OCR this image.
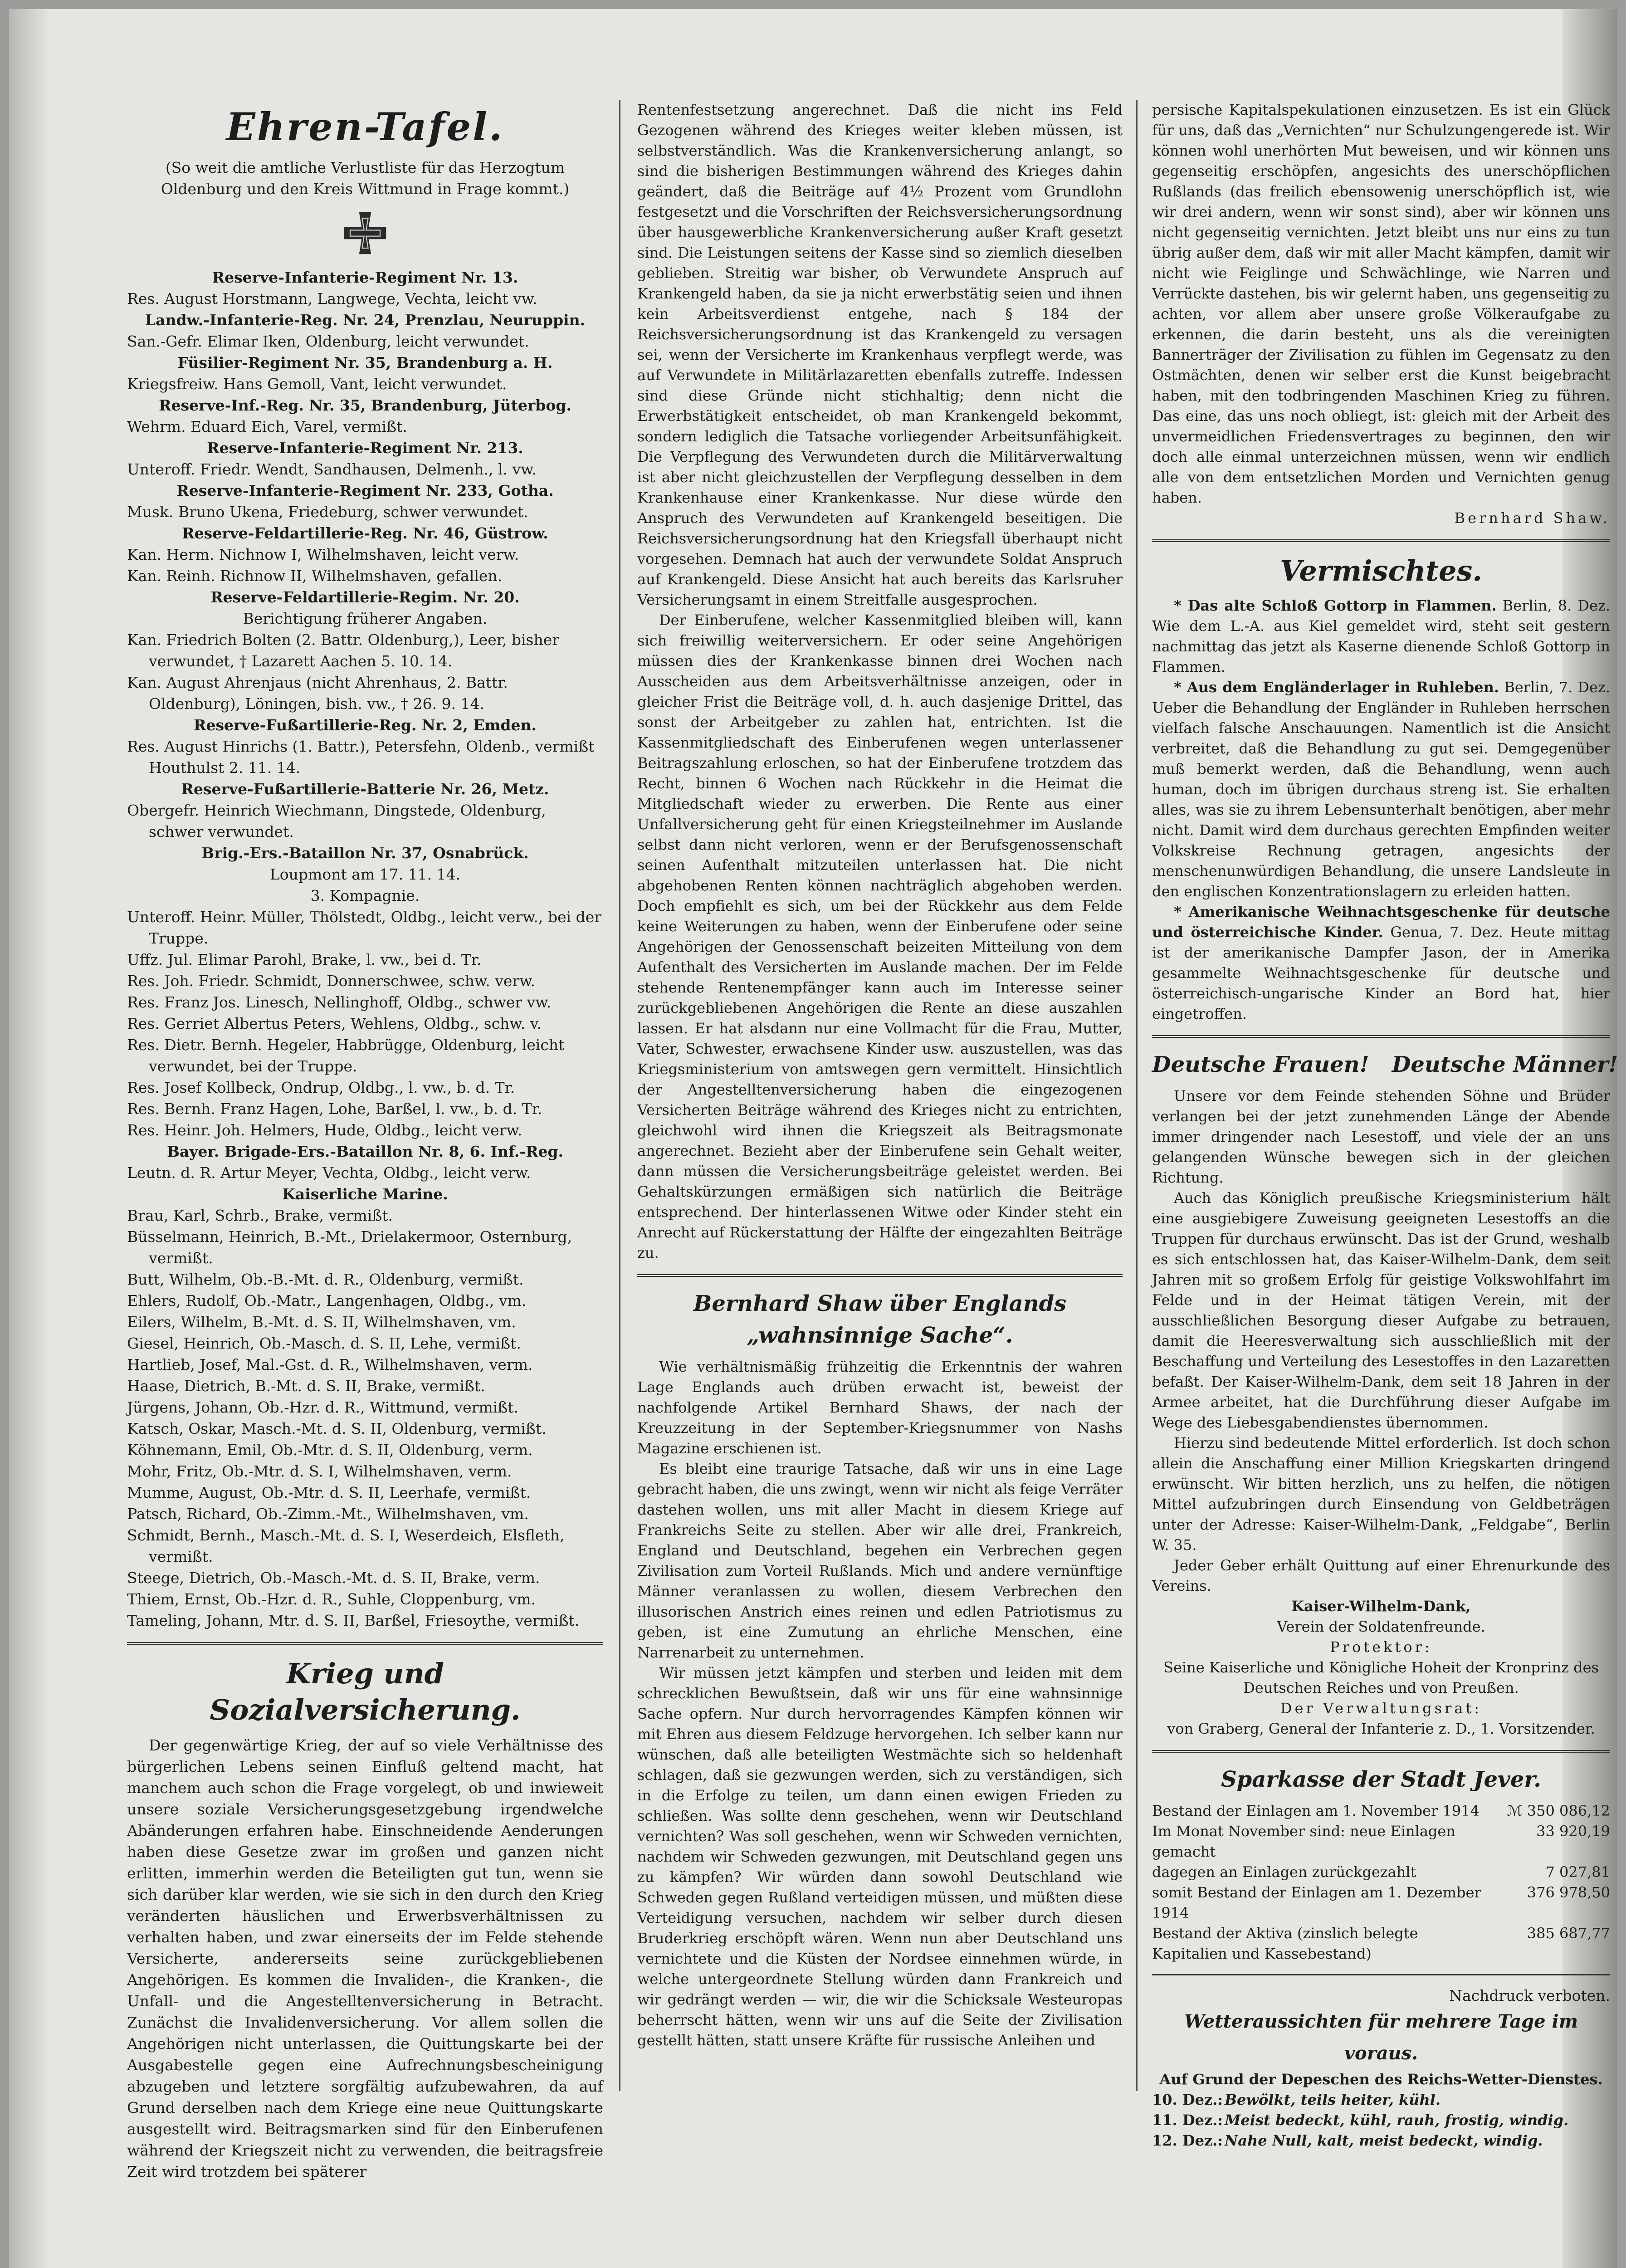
Ehren-Tafel.

(So weit die amtliche Verlustliste für das Herzogtum Oldenburg und den Kreis Wittmund in Frage kommt.)

Reserve-Infanterie-Regiment Nr. 13.

Res. August Horstmann, Langwege, Vechta, leicht vw.

Landw.-Infanterie-Reg. Nr. 24, Prenzlau, Neuruppin.

San.-Gefr. Elimar Iken, Oldenburg, leicht verwundet.

Füsilier-Regiment Nr. 35, Brandenburg a. H.

Kriegsfreiw. Hans Gemoll, Vant, leicht verwundet.

Reserve-Inf.-Reg. Nr. 35, Brandenburg, Jüterbog.

Wehrm. Eduard Eich, Varel, vermißt.

Reserve-Infanterie-Regiment Nr. 213.

Unteroff. Friedr. Wendt, Sandhausen, Delmenh., l. vw.

Reserve-Infanterie-Regiment Nr. 233, Gotha.

Musk. Bruno Ukena, Friedeburg, schwer verwundet.

Reserve-Feldartillerie-Reg. Nr. 46, Güstrow.

Kan. Herm. Nichnow I, Wilhelmshaven, leicht verw.

Kan. Reinh. Richnow II, Wilhelmshaven, gefallen.

Reserve-Feldartillerie-Regim. Nr. 20.

Berichtigung früherer Angaben.

Kan. Friedrich Bolten (2. Battr. Oldenburg,), Leer, bisher verwundet, † Lazarett Aachen 5. 10. 14.

Kan. August Ahrenjaus (nicht Ahrenhaus, 2. Battr. Oldenburg), Löningen, bish. vw., † 26. 9. 14.

Reserve-Fußartillerie-Reg. Nr. 2, Emden.

Res. August Hinrichs (1. Battr.), Petersfehn, Oldenb., vermißt Houthulst 2. 11. 14.

Reserve-Fußartillerie-Batterie Nr. 26, Metz.

Obergefr. Heinrich Wiechmann, Dingstede, Oldenburg, schwer verwundet.

Brig.-Ers.-Bataillon Nr. 37, Osnabrück.

Loupmont am 17. 11. 14.

3. Kompagnie.

Unteroff. Heinr. Müller, Thölstedt, Oldbg., leicht verw., bei der Truppe.

Uffz. Jul. Elimar Parohl, Brake, l. vw., bei d. Tr.

Res. Joh. Friedr. Schmidt, Donnerschwee, schw. verw.

Res. Franz Jos. Linesch, Nellinghoff, Oldbg., schwer vw.

Res. Gerriet Albertus Peters, Wehlens, Oldbg., schw. v.

Res. Dietr. Bernh. Hegeler, Habbrügge, Oldenburg, leicht verwundet, bei der Truppe.

Res. Josef Kollbeck, Ondrup, Oldbg., l. vw., b. d. Tr.

Res. Bernh. Franz Hagen, Lohe, Barßel, l. vw., b. d. Tr.

Res. Heinr. Joh. Helmers, Hude, Oldbg., leicht verw.

Bayer. Brigade-Ers.-Bataillon Nr. 8, 6. Inf.-Reg.

Leutn. d. R. Artur Meyer, Vechta, Oldbg., leicht verw.

Kaiserliche Marine.

Brau, Karl, Schrb., Brake, vermißt.

Büsselmann, Heinrich, B.-Mt., Drielakermoor, Osternburg, vermißt.

Butt, Wilhelm, Ob.-B.-Mt. d. R., Oldenburg, vermißt.

Ehlers, Rudolf, Ob.-Matr., Langenhagen, Oldbg., vm.

Eilers, Wilhelm, B.-Mt. d. S. II, Wilhelmshaven, vm.

Giesel, Heinrich, Ob.-Masch. d. S. II, Lehe, vermißt.

Hartlieb, Josef, Mal.-Gst. d. R., Wilhelmshaven, verm.

Haase, Dietrich, B.-Mt. d. S. II, Brake, vermißt.

Jürgens, Johann, Ob.-Hzr. d. R., Wittmund, vermißt.

Katsch, Oskar, Masch.-Mt. d. S. II, Oldenburg, vermißt.

Köhnemann, Emil, Ob.-Mtr. d. S. II, Oldenburg, verm.

Mohr, Fritz, Ob.-Mtr. d. S. I, Wilhelmshaven, verm.

Mumme, August, Ob.-Mtr. d. S. II, Leerhafe, vermißt.

Patsch, Richard, Ob.-Zimm.-Mt., Wilhelmshaven, vm.

Schmidt, Bernh., Masch.-Mt. d. S. I, Weserdeich, Elsfleth, vermißt.

Steege, Dietrich, Ob.-Masch.-Mt. d. S. II, Brake, verm.

Thiem, Ernst, Ob.-Hzr. d. R., Suhle, Cloppenburg, vm.

Tameling, Johann, Mtr. d. S. II, Barßel, Friesoythe, vermißt.

Krieg und Sozialversicherung.

Der gegenwärtige Krieg, der auf so viele Verhältnisse des bürgerlichen Lebens seinen Einfluß geltend macht, hat manchem auch schon die Frage vorgelegt, ob und inwieweit unsere soziale Versicherungsgesetzgebung irgendwelche Abänderungen erfahren habe. Einschneidende Aenderungen haben diese Gesetze zwar im großen und ganzen nicht erlitten, immerhin werden die Beteiligten gut tun, wenn sie sich darüber klar werden, wie sie sich in den durch den Krieg veränderten häuslichen und Erwerbsverhältnissen zu verhalten haben, und zwar einerseits der im Felde stehende Versicherte, andererseits seine zurückgebliebenen Angehörigen. Es kommen die Invaliden-, die Kranken-, die Unfall- und die Angestelltenversicherung in Betracht. Zunächst die Invalidenversicherung. Vor allem sollen die Angehörigen nicht unterlassen, die Quittungskarte bei der Ausgabestelle gegen eine Aufrechnungsbescheinigung abzugeben und letztere sorgfältig aufzubewahren, da auf Grund derselben nach dem Kriege eine neue Quittungskarte ausgestellt wird. Beitragsmarken sind für den Einberufenen während der Kriegszeit nicht zu verwenden, die beitragsfreie Zeit wird trotzdem bei späterer

Rentenfestsetzung angerechnet. Daß die nicht ins Feld Gezogenen während des Krieges weiter kleben müssen, ist selbstverständlich. Was die Krankenversicherung anlangt, so sind die bisherigen Bestimmungen während des Krieges dahin geändert, daß die Beiträge auf 4½ Prozent vom Grundlohn festgesetzt und die Vorschriften der Reichsversicherungsordnung über hausgewerbliche Krankenversicherung außer Kraft gesetzt sind. Die Leistungen seitens der Kasse sind so ziemlich dieselben geblieben. Streitig war bisher, ob Verwundete Anspruch auf Krankengeld haben, da sie ja nicht erwerbstätig seien und ihnen kein Arbeitsverdienst entgehe, nach § 184 der Reichsversicherungsordnung ist das Krankengeld zu versagen sei, wenn der Versicherte im Krankenhaus verpflegt werde, was auf Verwundete in Militärlazaretten ebenfalls zutreffe. Indessen sind diese Gründe nicht stichhaltig; denn nicht die Erwerbstätigkeit entscheidet, ob man Krankengeld bekommt, sondern lediglich die Tatsache vorliegender Arbeitsunfähigkeit. Die Verpflegung des Verwundeten durch die Militärverwaltung ist aber nicht gleichzustellen der Verpflegung desselben in dem Krankenhause einer Krankenkasse. Nur diese würde den Anspruch des Verwundeten auf Krankengeld beseitigen. Die Reichsversicherungsordnung hat den Kriegsfall überhaupt nicht vorgesehen. Demnach hat auch der verwundete Soldat Anspruch auf Krankengeld. Diese Ansicht hat auch bereits das Karlsruher Versicherungsamt in einem Streitfalle ausgesprochen.

Der Einberufene, welcher Kassenmitglied bleiben will, kann sich freiwillig weiterversichern. Er oder seine Angehörigen müssen dies der Krankenkasse binnen drei Wochen nach Ausscheiden aus dem Arbeitsverhältnisse anzeigen, oder in gleicher Frist die Beiträge voll, d. h. auch dasjenige Drittel, das sonst der Arbeitgeber zu zahlen hat, entrichten. Ist die Kassenmitgliedschaft des Einberufenen wegen unterlassener Beitragszahlung erloschen, so hat der Einberufene trotzdem das Recht, binnen 6 Wochen nach Rückkehr in die Heimat die Mitgliedschaft wieder zu erwerben. Die Rente aus einer Unfallversicherung geht für einen Kriegsteilnehmer im Auslande selbst dann nicht verloren, wenn er der Berufsgenossenschaft seinen Aufenthalt mitzuteilen unterlassen hat. Die nicht abgehobenen Renten können nachträglich abgehoben werden. Doch empfiehlt es sich, um bei der Rückkehr aus dem Felde keine Weiterungen zu haben, wenn der Einberufene oder seine Angehörigen der Genossenschaft beizeiten Mitteilung von dem Aufenthalt des Versicherten im Auslande machen. Der im Felde stehende Rentenempfänger kann auch im Interesse seiner zurückgebliebenen Angehörigen die Rente an diese auszahlen lassen. Er hat alsdann nur eine Vollmacht für die Frau, Mutter, Vater, Schwester, erwachsene Kinder usw. auszustellen, was das Kriegsministerium von amtswegen gern vermittelt. Hinsichtlich der Angestelltenversicherung haben die eingezogenen Versicherten Beiträge während des Krieges nicht zu entrichten, gleichwohl wird ihnen die Kriegszeit als Beitragsmonate angerechnet. Bezieht aber der Einberufene sein Gehalt weiter, dann müssen die Versicherungsbeiträge geleistet werden. Bei Gehaltskürzungen ermäßigen sich natürlich die Beiträge entsprechend. Der hinterlassenen Witwe oder Kinder steht ein Anrecht auf Rückerstattung der Hälfte der eingezahlten Beiträge zu.

Bernhard Shaw über Englands „wahnsinnige Sache“.

Wie verhältnismäßig frühzeitig die Erkenntnis der wahren Lage Englands auch drüben erwacht ist, beweist der nachfolgende Artikel Bernhard Shaws, der nach der Kreuzzeitung in der September-Kriegsnummer von Nashs Magazine erschienen ist.

Es bleibt eine traurige Tatsache, daß wir uns in eine Lage gebracht haben, die uns zwingt, wenn wir nicht als feige Verräter dastehen wollen, uns mit aller Macht in diesem Kriege auf Frankreichs Seite zu stellen. Aber wir alle drei, Frankreich, England und Deutschland, begehen ein Verbrechen gegen Zivilisation zum Vorteil Rußlands. Mich und andere vernünftige Männer veranlassen zu wollen, diesem Verbrechen den illusorischen Anstrich eines reinen und edlen Patriotismus zu geben, ist eine Zumutung an ehrliche Menschen, eine Narrenarbeit zu unternehmen.

Wir müssen jetzt kämpfen und sterben und leiden mit dem schrecklichen Bewußtsein, daß wir uns für eine wahnsinnige Sache opfern. Nur durch hervorragendes Kämpfen können wir mit Ehren aus diesem Feldzuge hervorgehen. Ich selber kann nur wünschen, daß alle beteiligten Westmächte sich so heldenhaft schlagen, daß sie gezwungen werden, sich zu verständigen, sich in die Erfolge zu teilen, um dann einen ewigen Frieden zu schließen. Was sollte denn geschehen, wenn wir Deutschland vernichten? Was soll geschehen, wenn wir Schweden vernichten, nachdem wir Schweden gezwungen, mit Deutschland gegen uns zu kämpfen? Wir würden dann sowohl Deutschland wie Schweden gegen Rußland verteidigen müssen, und müßten diese Verteidigung versuchen, nachdem wir selber durch diesen Bruderkrieg erschöpft wären. Wenn nun aber Deutschland uns vernichtete und die Küsten der Nordsee einnehmen würde, in welche untergeordnete Stellung würden dann Frankreich und wir gedrängt werden — wir, die wir die Schicksale Westeuropas beherrscht hätten, wenn wir uns auf die Seite der Zivilisation gestellt hätten, statt unsere Kräfte für russische Anleihen und

persische Kapitalspekulationen einzusetzen. Es ist ein Glück für uns, daß das „Vernichten“ nur Schulzungengerede ist. Wir können wohl unerhörten Mut beweisen, und wir können uns gegenseitig erschöpfen, angesichts des unerschöpflichen Rußlands (das freilich ebensowenig unerschöpflich ist, wie wir drei andern, wenn wir sonst sind), aber wir können uns nicht gegenseitig vernichten. Jetzt bleibt uns nur eins zu tun übrig außer dem, daß wir mit aller Macht kämpfen, damit wir nicht wie Feiglinge und Schwächlinge, wie Narren und Verrückte dastehen, bis wir gelernt haben, uns gegenseitig zu achten, vor allem aber unsere große Völkeraufgabe zu erkennen, die darin besteht, uns als die vereinigten Bannerträger der Zivilisation zu fühlen im Gegensatz zu den Ostmächten, denen wir selber erst die Kunst beigebracht haben, mit den todbringenden Maschinen Krieg zu führen. Das eine, das uns noch obliegt, ist: gleich mit der Arbeit des unvermeidlichen Friedensvertrages zu beginnen, den wir doch alle einmal unterzeichnen müssen, wenn wir endlich alle von dem entsetzlichen Morden und Vernichten genug haben.

Bernhard Shaw.

Vermischtes.

* Das alte Schloß Gottorp in Flammen. Berlin, 8. Dez. Wie dem L.-A. aus Kiel gemeldet wird, steht seit gestern nachmittag das jetzt als Kaserne dienende Schloß Gottorp in Flammen.

* Aus dem Engländerlager in Ruhleben. Berlin, 7. Dez. Ueber die Behandlung der Engländer in Ruhleben herrschen vielfach falsche Anschauungen. Namentlich ist die Ansicht verbreitet, daß die Behandlung zu gut sei. Demgegenüber muß bemerkt werden, daß die Behandlung, wenn auch human, doch im übrigen durchaus streng ist. Sie erhalten alles, was sie zu ihrem Lebensunterhalt benötigen, aber mehr nicht. Damit wird dem durchaus gerechten Empfinden weiter Volkskreise Rechnung getragen, angesichts der menschenunwürdigen Behandlung, die unsere Landsleute in den englischen Konzentrationslagern zu erleiden hatten.

* Amerikanische Weihnachtsgeschenke für deutsche und österreichische Kinder. Genua, 7. Dez. Heute mittag ist der amerikanische Dampfer Jason, der in Amerika gesammelte Weihnachtsgeschenke für deutsche und österreichisch-ungarische Kinder an Bord hat, hier eingetroffen.

Deutsche Frauen!   Deutsche Männer!

Unsere vor dem Feinde stehenden Söhne und Brüder verlangen bei der jetzt zunehmenden Länge der Abende immer dringender nach Lesestoff, und viele der an uns gelangenden Wünsche bewegen sich in der gleichen Richtung.

Auch das Königlich preußische Kriegsministerium hält eine ausgiebigere Zuweisung geeigneten Lesestoffs an die Truppen für durchaus erwünscht. Das ist der Grund, weshalb es sich entschlossen hat, das Kaiser-Wilhelm-Dank, dem seit Jahren mit so großem Erfolg für geistige Volkswohlfahrt im Felde und in der Heimat tätigen Verein, mit der ausschließlichen Besorgung dieser Aufgabe zu betrauen, damit die Heeresverwaltung sich ausschließlich mit der Beschaffung und Verteilung des Lesestoffes in den Lazaretten befaßt. Der Kaiser-Wilhelm-Dank, dem seit 18 Jahren in der Armee arbeitet, hat die Durchführung dieser Aufgabe im Wege des Liebesgabendienstes übernommen.

Hierzu sind bedeutende Mittel erforderlich. Ist doch schon allein die Anschaffung einer Million Kriegskarten dringend erwünscht. Wir bitten herzlich, uns zu helfen, die nötigen Mittel aufzubringen durch Einsendung von Geldbeträgen unter der Adresse: Kaiser-Wilhelm-Dank, „Feldgabe“, Berlin W. 35.

Jeder Geber erhält Quittung auf einer Ehrenurkunde des Vereins.

Kaiser-Wilhelm-Dank,

Verein der Soldatenfreunde.

Protektor:

Seine Kaiserliche und Königliche Hoheit der Kronprinz des Deutschen Reiches und von Preußen.

Der Verwaltungsrat:

von Graberg, General der Infanterie z. D., 1. Vorsitzender.

Sparkasse der Stadt Jever.
Bestand der Einlagen am 1. November 1914	ℳ 350 086,12
Im Monat November sind: neue Einlagen gemacht
33 920,19
dagegen an Einlagen zurückgezahlt	7 027,81
somit Bestand der Einlagen am 1. Dezember 1914
376 978,50
Bestand der Aktiva (zinslich belegte Kapitalien und Kassebestand)
385 687,77

Nachdruck verboten.

Wetteraussichten für mehrere Tage im voraus.

Auf Grund der Depeschen des Reichs-Wetter-Dienstes.

10. Dez.: Bewölkt, teils heiter, kühl.
11. Dez.: Meist bedeckt, kühl, rauh, frostig, windig.
12. Dez.: Nahe Null, kalt, meist bedeckt, windig.
